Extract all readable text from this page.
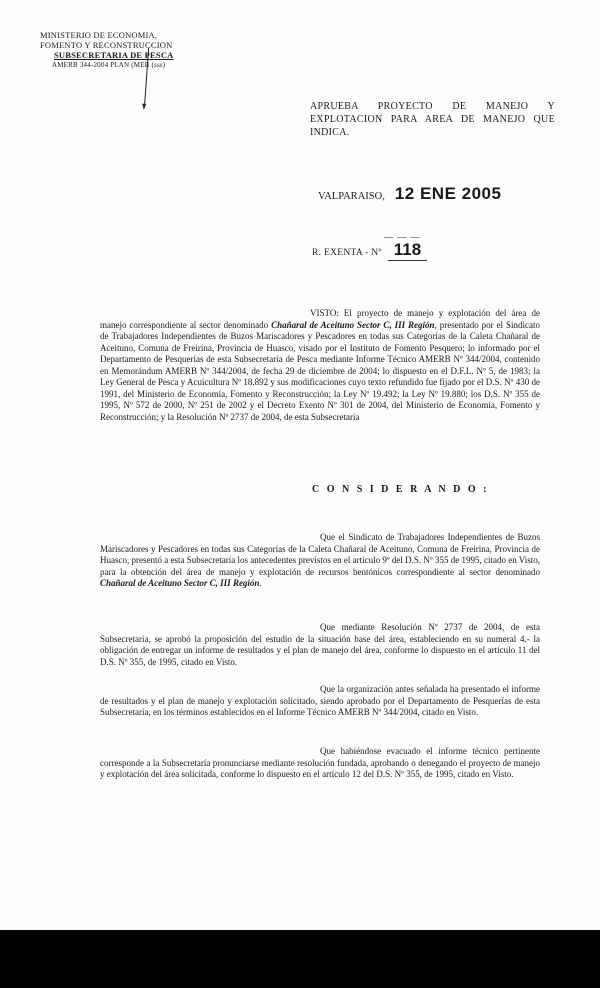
MINISTERIO DE ECONOMIA,
FOMENTO Y RECONSTRUCCION
SUBSECRETARIA DE PESCA
AMERB 344-2004 PLAN (MEB (sss)
APRUEBA PROYECTO DE MANEJO Y EXPLOTACION PARA AREA DE MANEJO QUE INDICA.
VALPARAISO, 12 ENE 2005
— — —
R. EXENTA - Nº 118
VISTO: El proyecto de manejo y explotación del área de manejo correspondiente al sector denominado Chañaral de Aceituno Sector C, III Región, presentado por el Sindicato de Trabajadores Independientes de Buzos Mariscadores y Pescadores en todas sus Categorías de la Caleta Chañaral de Aceituno, Comuna de Freirina, Provincia de Huasco, visado por el Instituto de Fomento Pesquero; lo informado por el Departamento de Pesquerías de esta Subsecretaría de Pesca mediante Informe Técnico AMERB Nº 344/2004, contenido en Memorándum AMERB Nº 344/2004, de fecha 29 de diciembre de 2004; lo dispuesto en el D.F.L. Nº 5, de 1983; la Ley General de Pesca y Acuicultura Nº 18.892 y sus modificaciones cuyo texto refundido fue fijado por el D.S. Nº 430 de 1991, del Ministerio de Economía, Fomento y Reconstrucción; la Ley Nº 19.492; la Ley Nº 19.880; los D.S. Nº 355 de 1995, Nº 572 de 2000, Nº 251 de 2002 y el Decreto Exento Nº 301 de 2004, del Ministerio de Economía, Fomento y Reconstrucción; y la Resolución Nº 2737 de 2004, de esta Subsecretaría
C O N S I D E R A N D O :
Que el Sindicato de Trabajadores Independientes de Buzos Mariscadores y Pescadores en todas sus Categorías de la Caleta Chañaral de Aceituno, Comuna de Freirina, Provincia de Huasco, presentó a esta Subsecretaría los antecedentes previstos en el artículo 9º del D.S. Nº 355 de 1995, citado en Visto, para la obtención del área de manejo y explotación de recursos bentónicos correspondiente al sector denominado Chañaral de Aceituno Sector C, III Región.
Que mediante Resolución Nº 2737 de 2004, de esta Subsecretaría, se aprobó la proposición del estudio de la situación base del área, estableciendo en su numeral 4.- la obligación de entregar un informe de resultados y el plan de manejo del área, conforme lo dispuesto en el artículo 11 del D.S. Nº 355, de 1995, citado en Visto.
Que la organización antes señalada ha presentado el informe de resultados y el plan de manejo y explotación solicitado, siendo aprobado por el Departamento de Pesquerías de esta Subsecretaría, en los términos establecidos en el Informe Técnico AMERB Nº 344/2004, citado en Visto.
Que habiéndose evacuado el informe técnico pertinente corresponde a la Subsecretaría pronunciarse mediante resolución fundada, aprobando o denegando el proyecto de manejo y explotación del área solicitada, conforme lo dispuesto en el artículo 12 del D.S. Nº 355, de 1995, citado en Visto.
